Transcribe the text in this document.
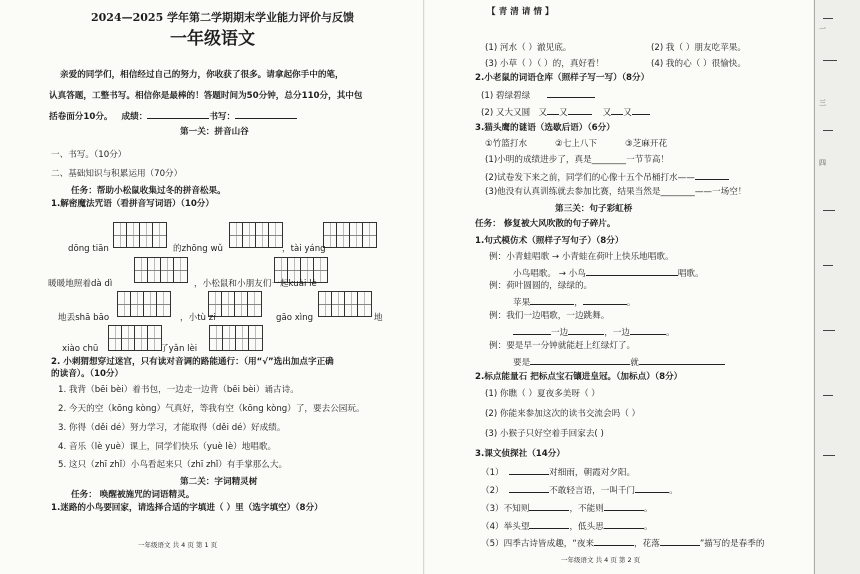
2024—2025 学年第二学期期末学业能力评价与反馈
一年级语文
亲爱的同学们，相信经过自己的努力，你收获了很多。请拿起你手中的笔，
认真答题，工整书写。相信你是最棒的！答题时间为50分钟，总分110分，其中包
括卷面分10分。 成绩：	书写：
第一关：拼音山谷
一、书写。（10分）
二、基础知识与积累运用（70分）
任务：帮助小松鼠收集过冬的拼音松果。
1.解密魔法咒语（看拼音写词语）（10分）
dōng tiān	的zhōng wǔ	，tài yáng
暖暖地照着dà dì	，小松鼠和小朋友们一起kuài lè
地丢shā bāo	，小tù zi	gāo xìng	地
xiào chū	了yǎn lèi
2. 小刺猬想穿过迷宫，只有读对音调的路能通行：（用“√”选出加点字正确
的读音）。（10分）
1. 我背（bēi bèi）着书包，一边走一边背（bēi bèi）诵古诗。
2. 今天的空（kōng kòng）气真好，等我有空（kōng kòng）了，要去公园玩。
3. 你得（děi dé）努力学习，才能取得（děi dé）好成绩。
4. 音乐（lè yuè）课上，同学们快乐（yuè lè）地唱歌。
5. 这只（zhī zhǐ）小鸟看起来只（zhī zhǐ）有手掌那么大。
第二关：字词精灵树
任务： 唤醒被施咒的词语精灵。
1.迷路的小鸟要回家，请选择合适的字填进（ ）里（选字填空）（8分）
一年级语文 共 4 页 第 1 页
【 青 清 请 情 】
(1) 河水（ ）澈见底。	(2) 我（ ）朋友吃苹果。
(3) 小草（ ）（ ）的，真好看！	(4) 我的心（ ）很愉快。
2.小老鼠的词语仓库（照样子写一写）（8分）
(1) 碧绿碧绿
(2) 又大又圆 又 又	又 又
3.猫头鹰的谜语（选歇后语）（6分）
①竹篮打水	②七上八下	③芝麻开花
(1)小明的成绩进步了，真是________一节节高！
(2)试卷发下来之前，同学们的心像十五个吊桶打水——
(3)他没有认真训练就去参加比赛，结果当然是________——一场空！
第三关：句子彩虹桥
任务： 修复被大风吹散的句子碎片。
1.句式模仿术（照样子写句子）（8分）
例：小青蛙唱歌 → 小青蛙在荷叶上快乐地唱歌。
小鸟唱歌。 → 小鸟	唱歌。
例：荷叶圆圆的，绿绿的。
苹果	，	。
例：我们一边唱歌，一边跳舞。
一边	，一边	。
例：要是早一分钟就能赶上红绿灯了。
要是	就
2.标点能量石 把标点宝石镶进皇冠。（加标点）（8分）
(1) 你瞧（ ）夏夜多美呀（ ）
(2) 你能来参加这次的读书交流会吗（ ）
(3) 小猴子只好空着手回家去( )
3.课文侦探社（14分）
（1）	对细雨，朝霞对夕阳。
（2）	不敢轻言语，一叫千门	。
（3）不知则	，不能则	。
（4）举头望	，低头思	。
（5）四季古诗皆成趣，“夜来	，花落	”描写的是春季的
一年级语文 共 4 页 第 2 页
一
三
四
